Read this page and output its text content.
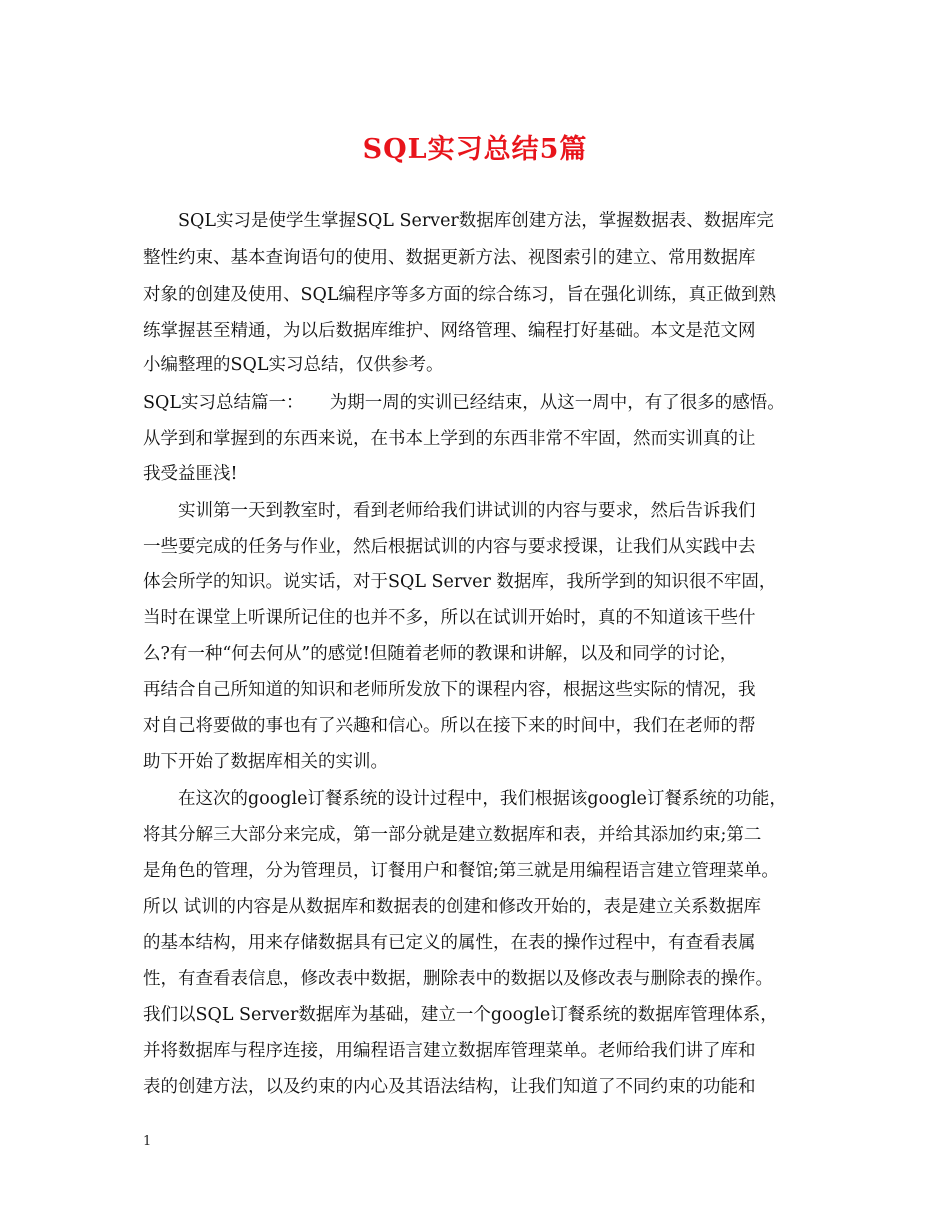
SQL实习总结5篇
　　SQL实习是使学生掌握SQL Server数据库创建方法，掌握数据表、数据库完
整性约束、基本查询语句的使用、数据更新方法、视图索引的建立、常用数据库
对象的创建及使用、SQL编程序等多方面的综合练习，旨在强化训练，真正做到熟
练掌握甚至精通，为以后数据库维护、网络管理、编程打好基础。本文是范文网
小编整理的SQL实习总结，仅供参考。
SQL实习总结篇一：　　为期一周的实训已经结束，从这一周中，有了很多的感悟。
从学到和掌握到的东西来说，在书本上学到的东西非常不牢固，然而实训真的让
我受益匪浅!
　　实训第一天到教室时，看到老师给我们讲试训的内容与要求，然后告诉我们
一些要完成的任务与作业，然后根据试训的内容与要求授课，让我们从实践中去
体会所学的知识。说实话，对于SQL Server 数据库，我所学到的知识很不牢固，
当时在课堂上听课所记住的也并不多，所以在试训开始时，真的不知道该干些什
么?有一种“何去何从”的感觉!但随着老师的教课和讲解，以及和同学的讨论，
再结合自己所知道的知识和老师所发放下的课程内容，根据这些实际的情况，我
对自己将要做的事也有了兴趣和信心。所以在接下来的时间中，我们在老师的帮
助下开始了数据库相关的实训。
　　在这次的google订餐系统的设计过程中，我们根据该google订餐系统的功能，
将其分解三大部分来完成，第一部分就是建立数据库和表，并给其添加约束;第二
是角色的管理，分为管理员，订餐用户和餐馆;第三就是用编程语言建立管理菜单。
所以 试训的内容是从数据库和数据表的创建和修改开始的，表是建立关系数据库
的基本结构，用来存储数据具有已定义的属性，在表的操作过程中，有查看表属
性，有查看表信息，修改表中数据，删除表中的数据以及修改表与删除表的操作。
我们以SQL Server数据库为基础，建立一个google订餐系统的数据库管理体系，
并将数据库与程序连接，用编程语言建立数据库管理菜单。老师给我们讲了库和
表的创建方法，以及约束的内心及其语法结构，让我们知道了不同约束的功能和
1
